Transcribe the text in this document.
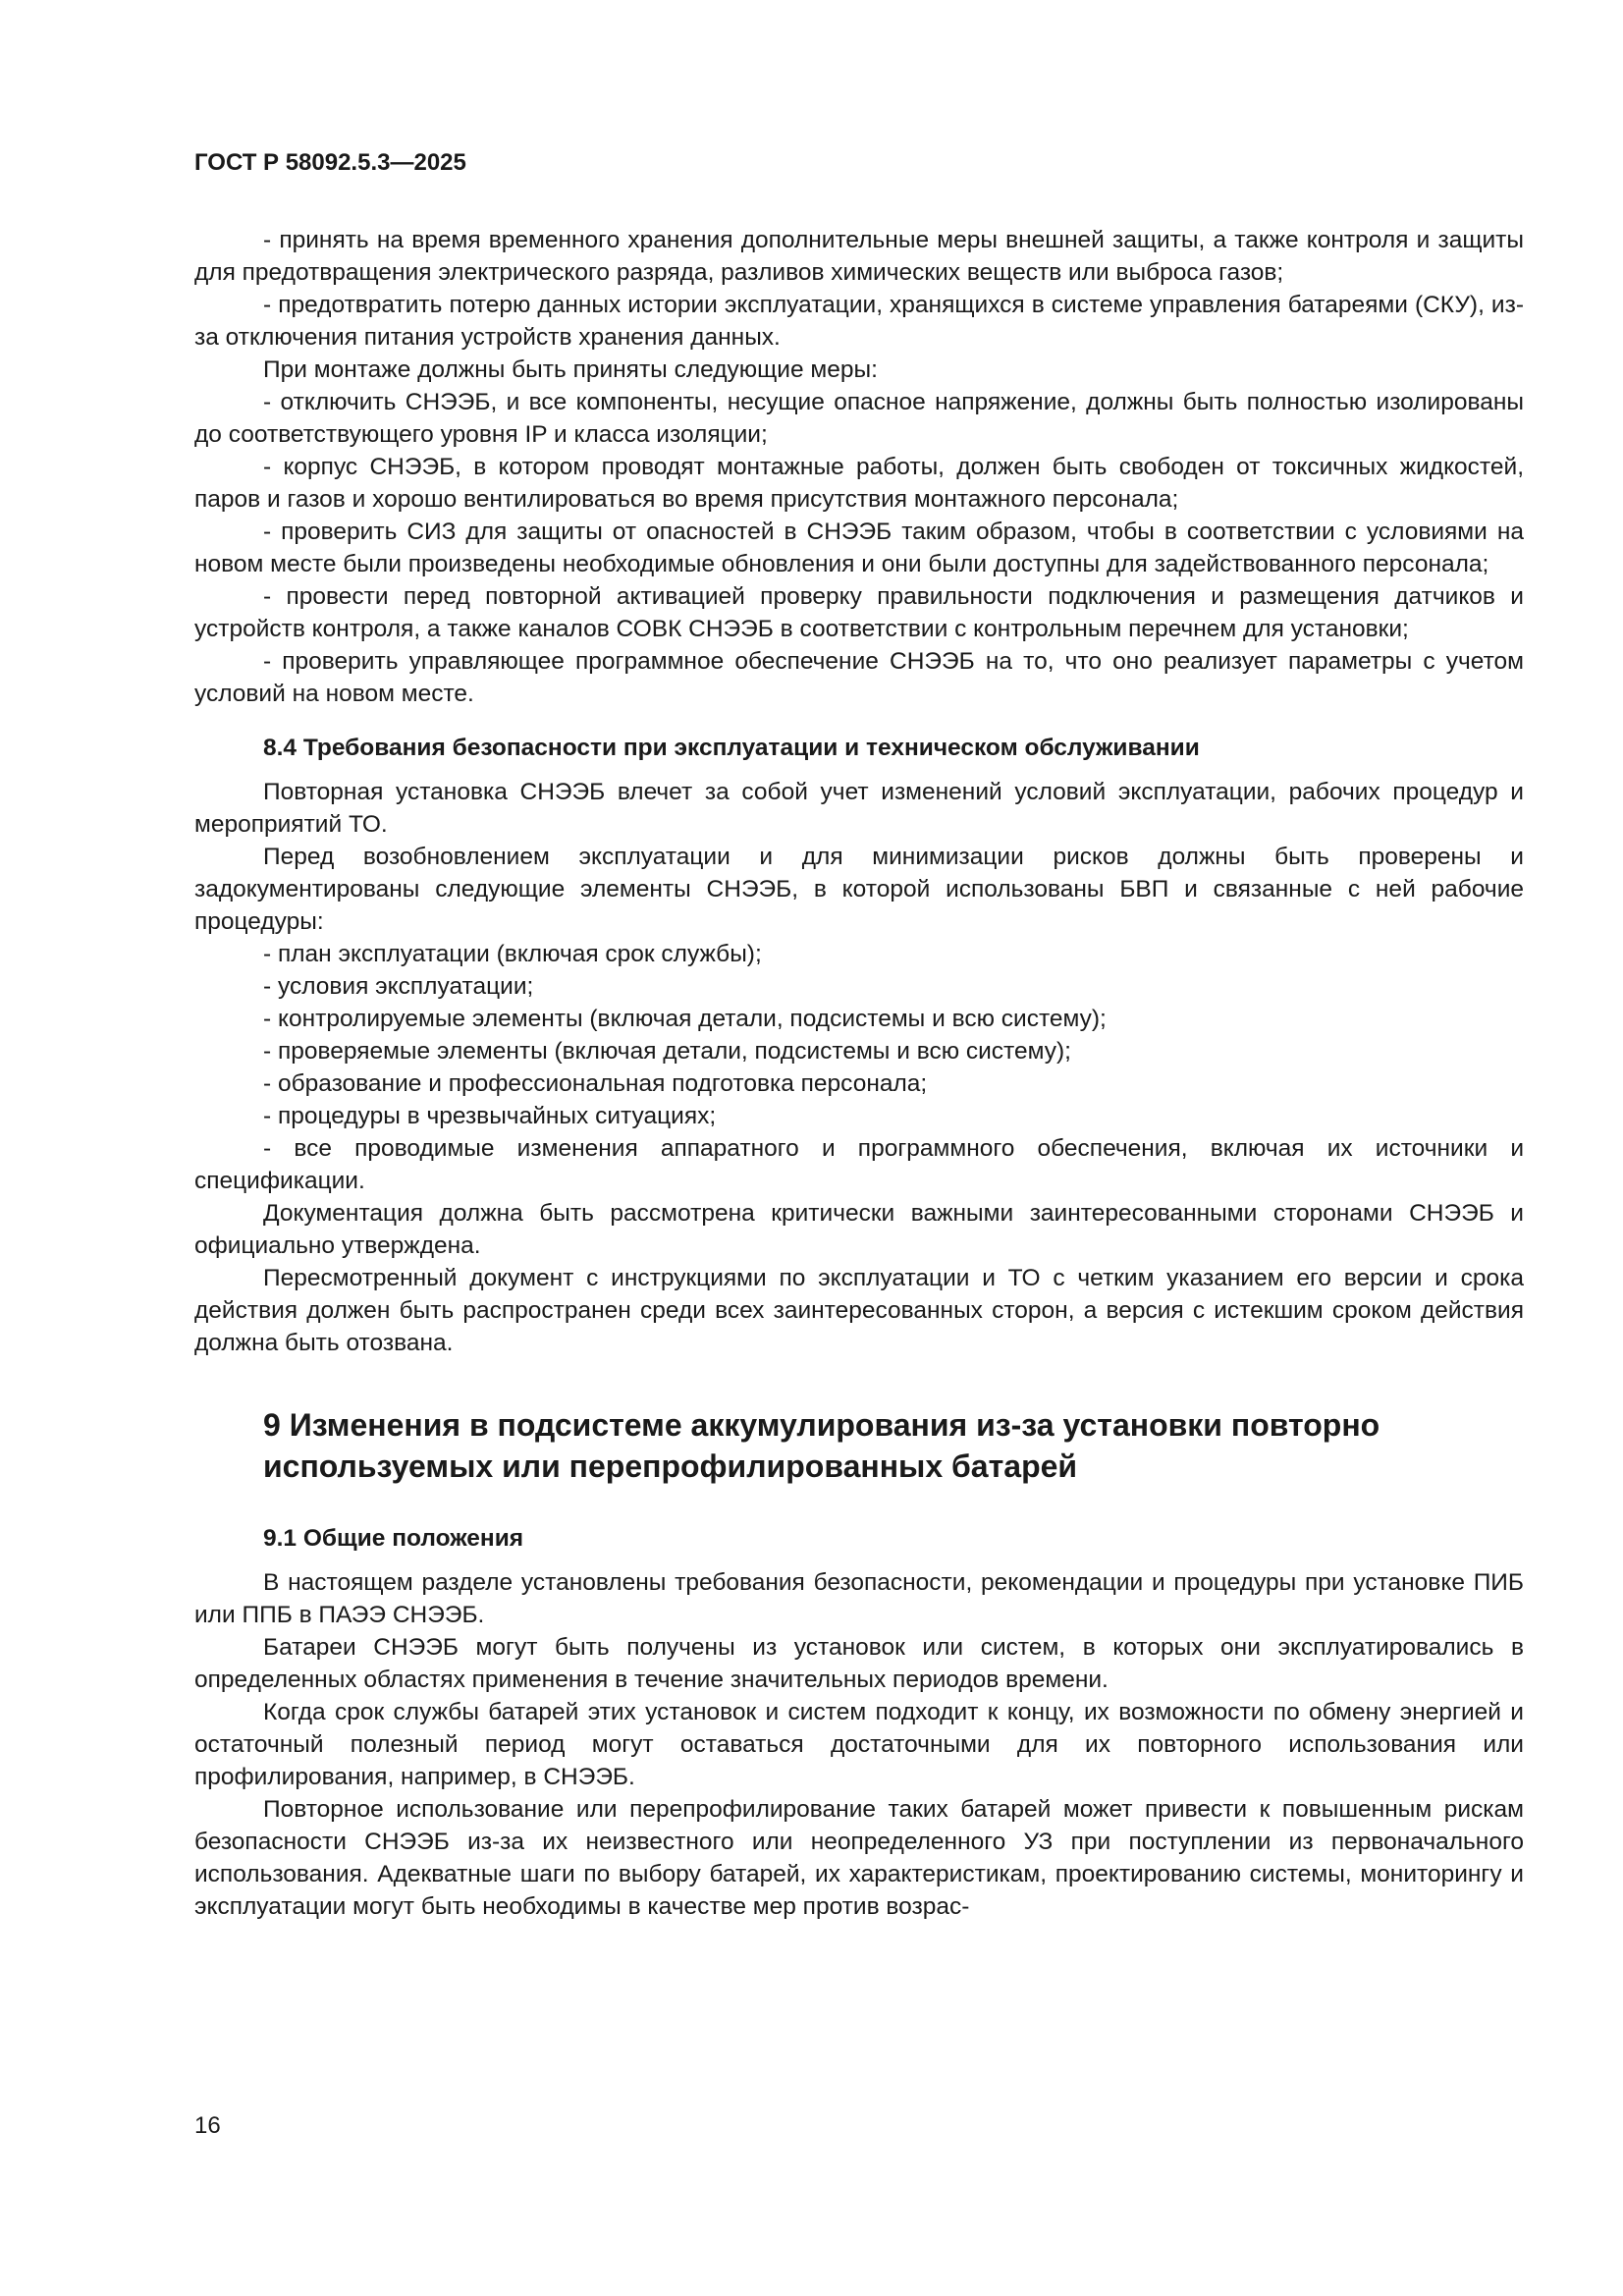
ГОСТ Р 58092.5.3—2025
- принять на время временного хранения дополнительные меры внешней защиты, а также контроля и защиты для предотвращения электрического разряда, разливов химических веществ или выброса газов;
- предотвратить потерю данных истории эксплуатации, хранящихся в системе управления батареями (СКУ), из-за отключения питания устройств хранения данных.
При монтаже должны быть приняты следующие меры:
- отключить СНЭЭБ, и все компоненты, несущие опасное напряжение, должны быть полностью изолированы до соответствующего уровня IP и класса изоляции;
- корпус СНЭЭБ, в котором проводят монтажные работы, должен быть свободен от токсичных жидкостей, паров и газов и хорошо вентилироваться во время присутствия монтажного персонала;
- проверить СИЗ для защиты от опасностей в СНЭЭБ таким образом, чтобы в соответствии с условиями на новом месте были произведены необходимые обновления и они были доступны для задействованного персонала;
- провести перед повторной активацией проверку правильности подключения и размещения датчиков и устройств контроля, а также каналов СОВК СНЭЭБ в соответствии с контрольным перечнем для установки;
- проверить управляющее программное обеспечение СНЭЭБ на то, что оно реализует параметры с учетом условий на новом месте.
8.4 Требования безопасности при эксплуатации и техническом обслуживании
Повторная установка СНЭЭБ влечет за собой учет изменений условий эксплуатации, рабочих процедур и мероприятий ТО.
Перед возобновлением эксплуатации и для минимизации рисков должны быть проверены и задокументированы следующие элементы СНЭЭБ, в которой использованы БВП и связанные с ней рабочие процедуры:
- план эксплуатации (включая срок службы);
- условия эксплуатации;
- контролируемые элементы (включая детали, подсистемы и всю систему);
- проверяемые элементы (включая детали, подсистемы и всю систему);
- образование и профессиональная подготовка персонала;
- процедуры в чрезвычайных ситуациях;
- все проводимые изменения аппаратного и программного обеспечения, включая их источники и спецификации.
Документация должна быть рассмотрена критически важными заинтересованными сторонами СНЭЭБ и официально утверждена.
Пересмотренный документ с инструкциями по эксплуатации и ТО с четким указанием его версии и срока действия должен быть распространен среди всех заинтересованных сторон, а версия с истекшим сроком действия должна быть отозвана.
9 Изменения в подсистеме аккумулирования из-за установки повторно используемых или перепрофилированных батарей
9.1 Общие положения
В настоящем разделе установлены требования безопасности, рекомендации и процедуры при установке ПИБ или ППБ в ПАЭЭ СНЭЭБ.
Батареи СНЭЭБ могут быть получены из установок или систем, в которых они эксплуатировались в определенных областях применения в течение значительных периодов времени.
Когда срок службы батарей этих установок и систем подходит к концу, их возможности по обмену энергией и остаточный полезный период могут оставаться достаточными для их повторного использования или профилирования, например, в СНЭЭБ.
Повторное использование или перепрофилирование таких батарей может привести к повышенным рискам безопасности СНЭЭБ из-за их неизвестного или неопределенного УЗ при поступлении из первоначального использования. Адекватные шаги по выбору батарей, их характеристикам, проектированию системы, мониторингу и эксплуатации могут быть необходимы в качестве мер против возрас-
16
